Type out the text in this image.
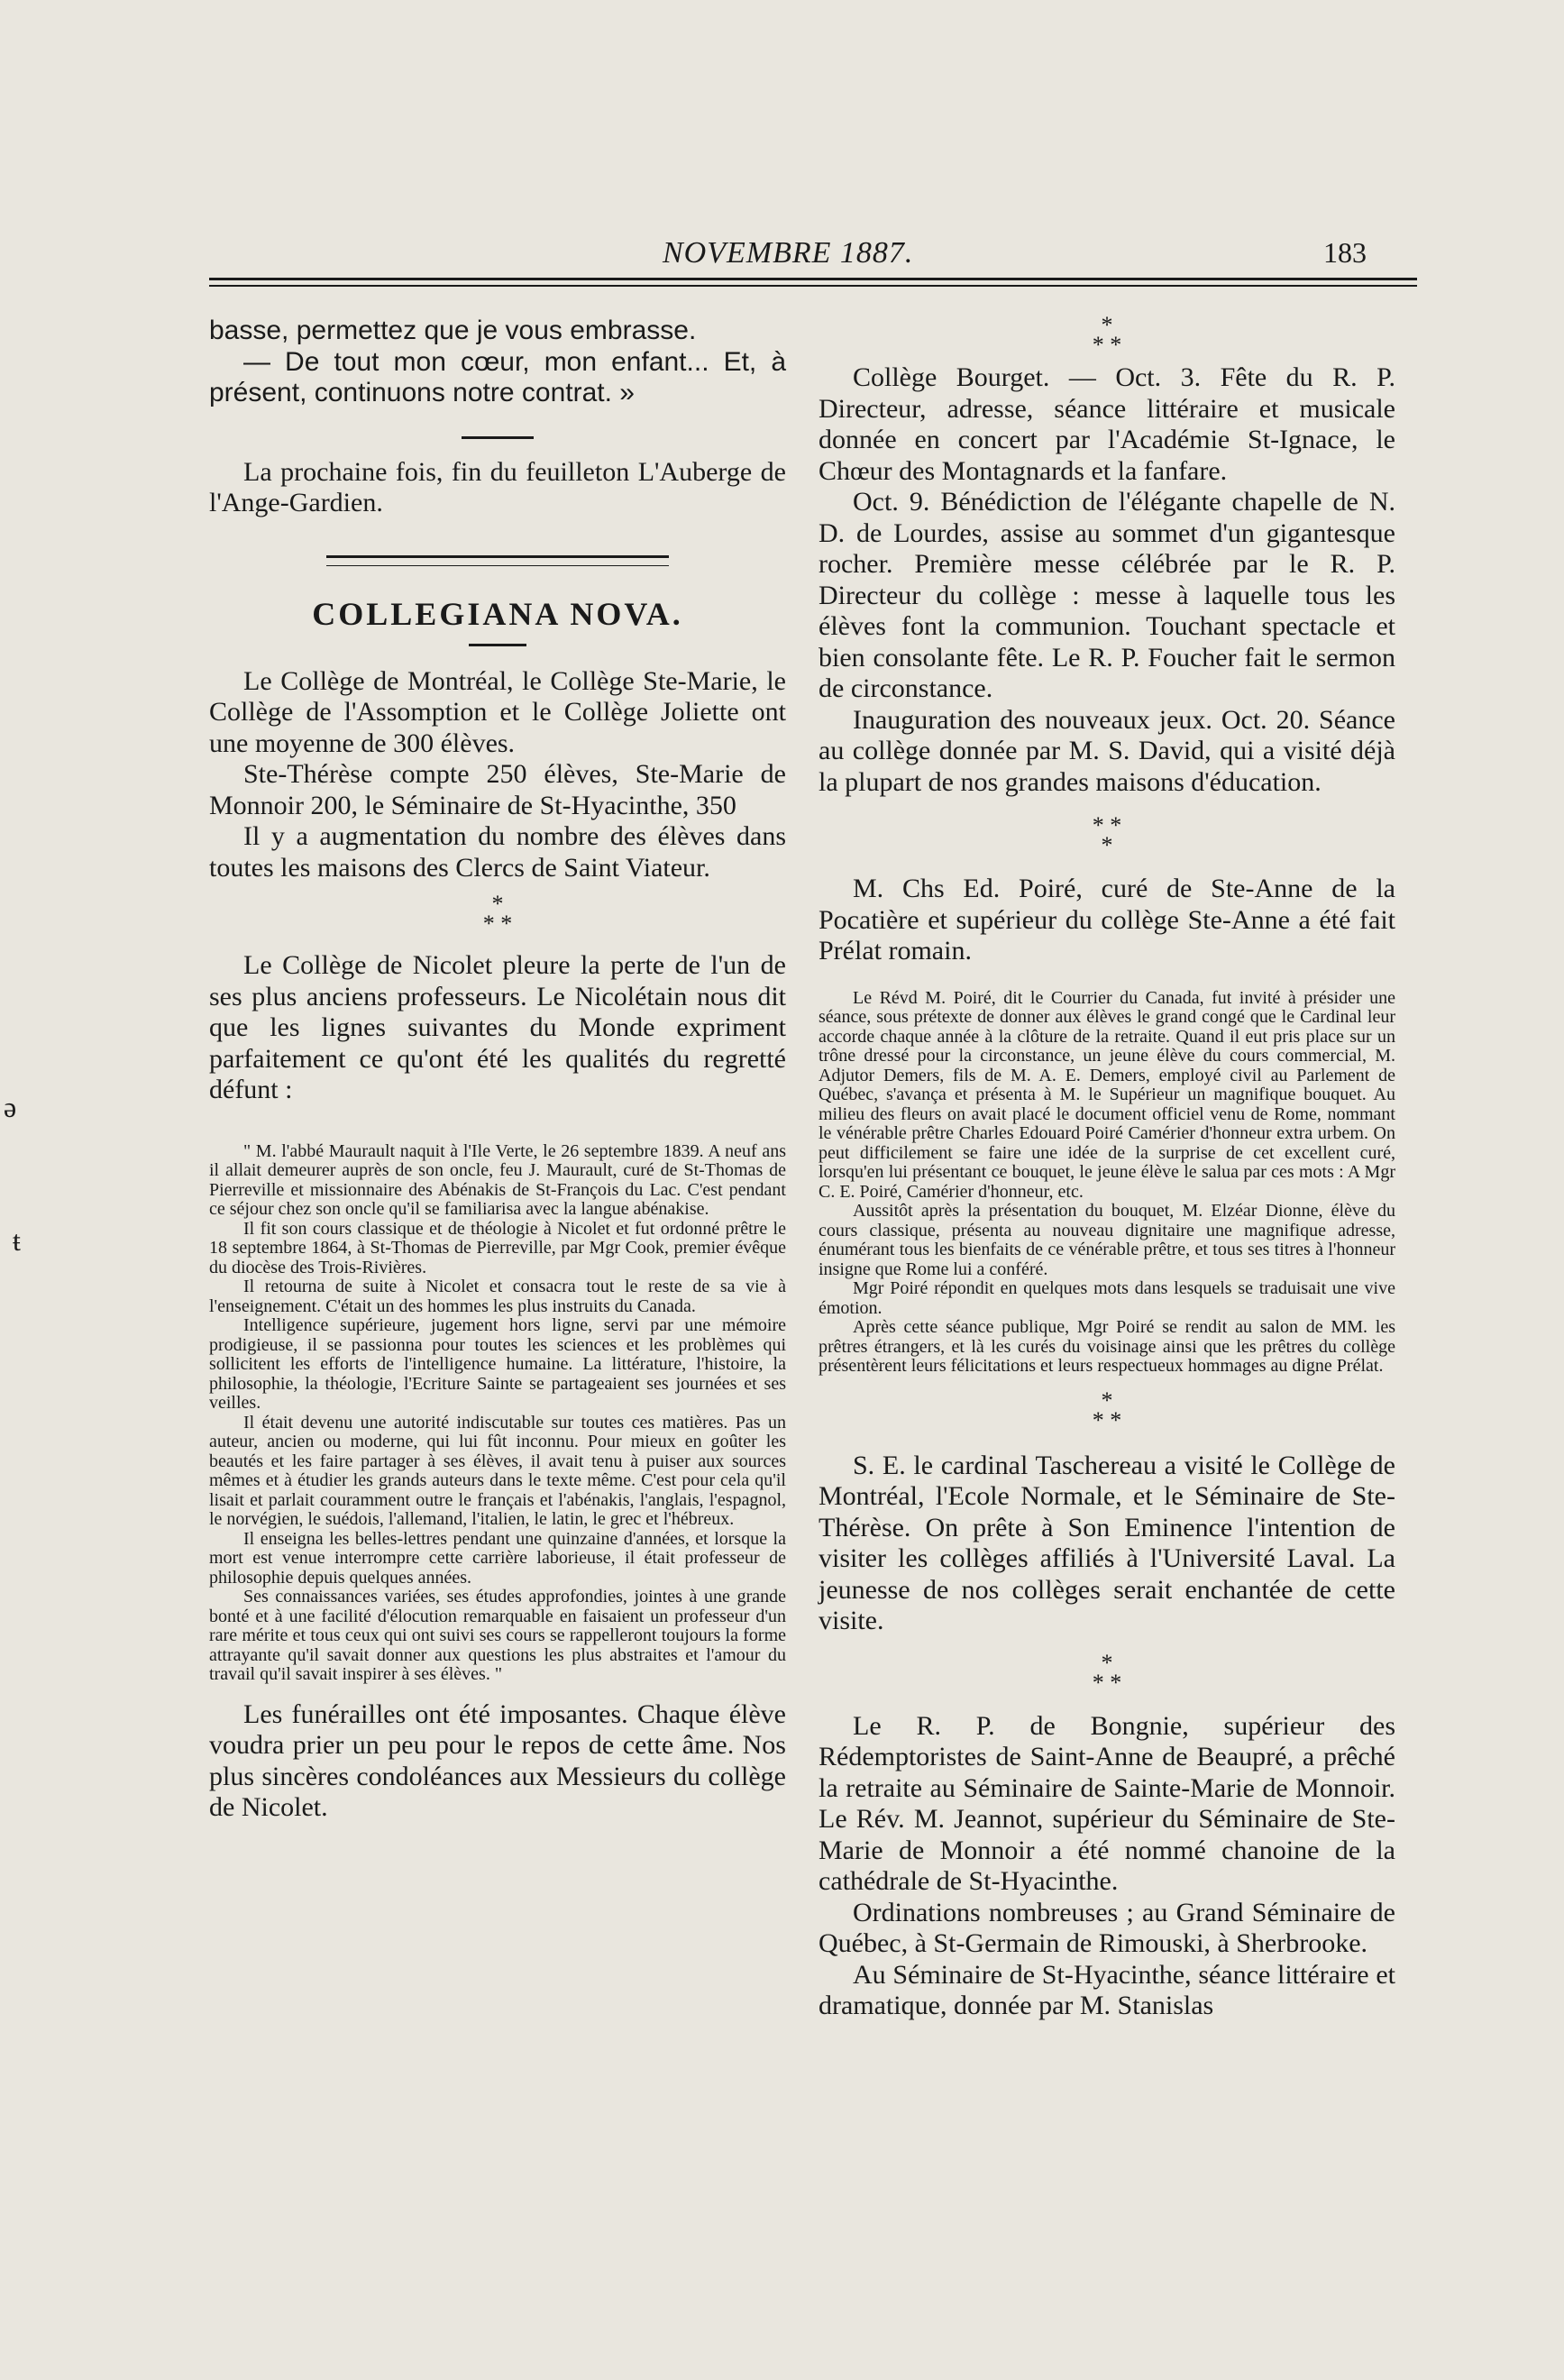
NOVEMBRE 1887.	183
ǝ
ŧ

basse, permettez que je vous embrasse.

— De tout mon cœur, mon enfant... Et, à présent, continuons notre contrat. »

La prochaine fois, fin du feuilleton L'Auberge de l'Ange-Gardien.

COLLEGIANA NOVA.

Le Collège de Montréal, le Collège Ste-Marie, le Collège de l'Assomption et le Collège Joliette ont une moyenne de 300 élèves.

Ste-Thérèse compte 250 élèves, Ste-Marie de Monnoir 200, le Séminaire de St-Hyacinthe, 350

Il y a augmentation du nombre des élèves dans toutes les maisons des Clercs de Saint Viateur.

*

* *

Le Collège de Nicolet pleure la perte de l'un de ses plus anciens professeurs. Le Nicolétain nous dit que les lignes suivantes du Monde expriment parfaitement ce qu'ont été les qualités du regretté défunt :

" M. l'abbé Maurault naquit à l'Ile Verte, le 26 septembre 1839. A neuf ans il allait demeurer auprès de son oncle, feu J. Maurault, curé de St-Thomas de Pierreville et missionnaire des Abénakis de St-François du Lac. C'est pendant ce séjour chez son oncle qu'il se familiarisa avec la langue abénakise.

Il fit son cours classique et de théologie à Nicolet et fut ordonné prêtre le 18 septembre 1864, à St-Thomas de Pierreville, par Mgr Cook, premier évêque du diocèse des Trois-Rivières.

Il retourna de suite à Nicolet et consacra tout le reste de sa vie à l'enseignement. C'était un des hommes les plus instruits du Canada.

Intelligence supérieure, jugement hors ligne, servi par une mémoire prodigieuse, il se passionna pour toutes les sciences et les problèmes qui sollicitent les efforts de l'intelligence humaine. La littérature, l'histoire, la philosophie, la théologie, l'Ecriture Sainte se partageaient ses journées et ses veilles.

Il était devenu une autorité indiscutable sur toutes ces matières. Pas un auteur, ancien ou moderne, qui lui fût inconnu. Pour mieux en goûter les beautés et les faire partager à ses élèves, il avait tenu à puiser aux sources mêmes et à étudier les grands auteurs dans le texte même. C'est pour cela qu'il lisait et parlait couramment outre le français et l'abénakis, l'anglais, l'espagnol, le norvégien, le suédois, l'allemand, l'italien, le latin, le grec et l'hébreux.

Il enseigna les belles-lettres pendant une quinzaine d'années, et lorsque la mort est venue interrompre cette carrière laborieuse, il était professeur de philosophie depuis quelques années.

Ses connaissances variées, ses études approfondies, jointes à une grande bonté et à une facilité d'élocution remarquable en faisaient un professeur d'un rare mérite et tous ceux qui ont suivi ses cours se rappelleront toujours la forme attrayante qu'il savait donner aux questions les plus abstraites et l'amour du travail qu'il savait inspirer à ses élèves. "

Les funérailles ont été imposantes. Chaque élève voudra prier un peu pour le repos de cette âme. Nos plus sincères condoléances aux Messieurs du collège de Nicolet.

*

* *

Collège Bourget. — Oct. 3. Fête du R. P. Directeur, adresse, séance littéraire et musicale donnée en concert par l'Académie St-Ignace, le Chœur des Montagnards et la fanfare.

Oct. 9. Bénédiction de l'élégante chapelle de N. D. de Lourdes, assise au sommet d'un gigantesque rocher. Première messe célébrée par le R. P. Directeur du collège : messe à laquelle tous les élèves font la communion. Touchant spectacle et bien consolante fête. Le R. P. Foucher fait le sermon de circonstance.

Inauguration des nouveaux jeux. Oct. 20. Séance au collège donnée par M. S. David, qui a visité déjà la plupart de nos grandes maisons d'éducation.

* *

*

M. Chs Ed. Poiré, curé de Ste-Anne de la Pocatière et supérieur du collège Ste-Anne a été fait Prélat romain.

Le Révd M. Poiré, dit le Courrier du Canada, fut invité à présider une séance, sous prétexte de donner aux élèves le grand congé que le Cardinal leur accorde chaque année à la clôture de la retraite. Quand il eut pris place sur un trône dressé pour la circonstance, un jeune élève du cours commercial, M. Adjutor Demers, fils de M. A. E. Demers, employé civil au Parlement de Québec, s'avança et présenta à M. le Supérieur un magnifique bouquet. Au milieu des fleurs on avait placé le document officiel venu de Rome, nommant le vénérable prêtre Charles Edouard Poiré Camérier d'honneur extra urbem. On peut difficilement se faire une idée de la surprise de cet excellent curé, lorsqu'en lui présentant ce bouquet, le jeune élève le salua par ces mots : A Mgr C. E. Poiré, Camérier d'honneur, etc.

Aussitôt après la présentation du bouquet, M. Elzéar Dionne, élève du cours classique, présenta au nouveau dignitaire une magnifique adresse, énumérant tous les bienfaits de ce vénérable prêtre, et tous ses titres à l'honneur insigne que Rome lui a conféré.

Mgr Poiré répondit en quelques mots dans lesquels se traduisait une vive émotion.

Après cette séance publique, Mgr Poiré se rendit au salon de MM. les prêtres étrangers, et là les curés du voisinage ainsi que les prêtres du collège présentèrent leurs félicitations et leurs respectueux hommages au digne Prélat.

*

* *

S. E. le cardinal Taschereau a visité le Collège de Montréal, l'Ecole Normale, et le Séminaire de Ste-Thérèse. On prête à Son Eminence l'intention de visiter les collèges affiliés à l'Université Laval. La jeunesse de nos collèges serait enchantée de cette visite.

*

* *

Le R. P. de Bongnie, supérieur des Rédemptoristes de Saint-Anne de Beaupré, a prêché la retraite au Séminaire de Sainte-Marie de Monnoir. Le Rév. M. Jeannot, supérieur du Séminaire de Ste-Marie de Monnoir a été nommé chanoine de la cathédrale de St-Hyacinthe.

Ordinations nombreuses ; au Grand Séminaire de Québec, à St-Germain de Rimouski, à Sherbrooke.

Au Séminaire de St-Hyacinthe, séance littéraire et dramatique, donnée par M. Stanislas
